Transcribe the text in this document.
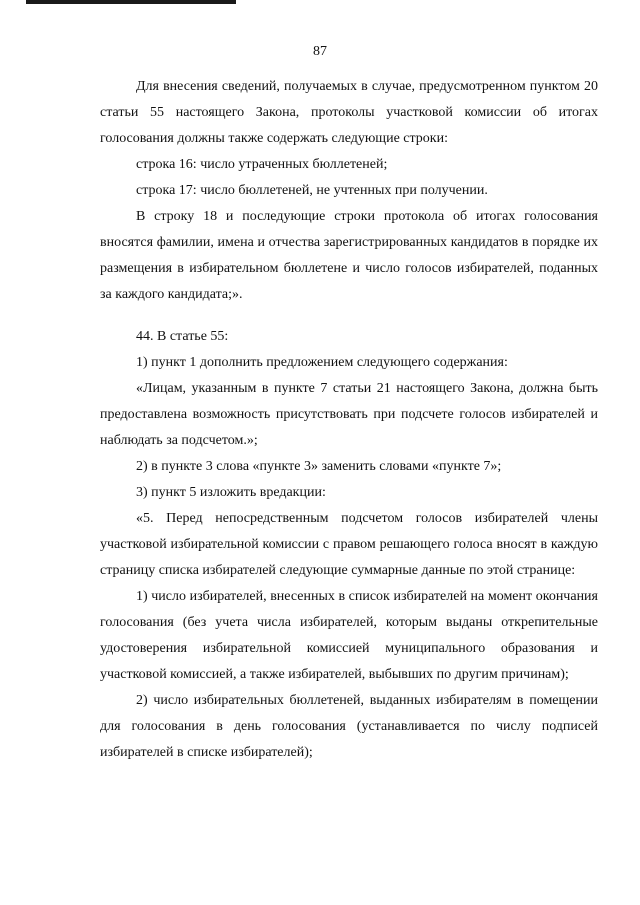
87

Для внесения сведений, получаемых в случае, предусмотренном пунктом 20 статьи 55 настоящего Закона, протоколы участковой комиссии об итогах голосования должны также содержать следующие строки:

строка 16: число утраченных бюллетеней;

строка 17: число бюллетеней, не учтенных при получении.

В строку 18 и последующие строки протокола об итогах голосования вносятся фамилии, имена и отчества зарегистрированных кандидатов в порядке их размещения в избирательном бюллетене и число голосов избирателей, поданных за каждого кандидата;».

44. В статье 55:

1) пункт 1 дополнить предложением следующего содержания:

«Лицам, указанным в пункте 7 статьи 21 настоящего Закона, должна быть предоставлена возможность присутствовать при подсчете голосов избирателей и наблюдать за подсчетом.»;

2) в пункте 3 слова «пункте 3» заменить словами «пункте 7»;

3) пункт 5 изложить вредакции:

«5. Перед непосредственным подсчетом голосов избирателей члены участковой избирательной комиссии с правом решающего голоса вносят в каждую страницу списка избирателей следующие суммарные данные по этой странице:

1) число избирателей, внесенных в список избирателей на момент окончания голосования (без учета числа избирателей, которым выданы открепительные удостоверения избирательной комиссией муниципального образования и участковой комиссией, а также избирателей, выбывших по другим причинам);

2) число избирательных бюллетеней, выданных избирателям в помещении для голосования в день голосования (устанавливается по числу подписей избирателей в списке избирателей);
